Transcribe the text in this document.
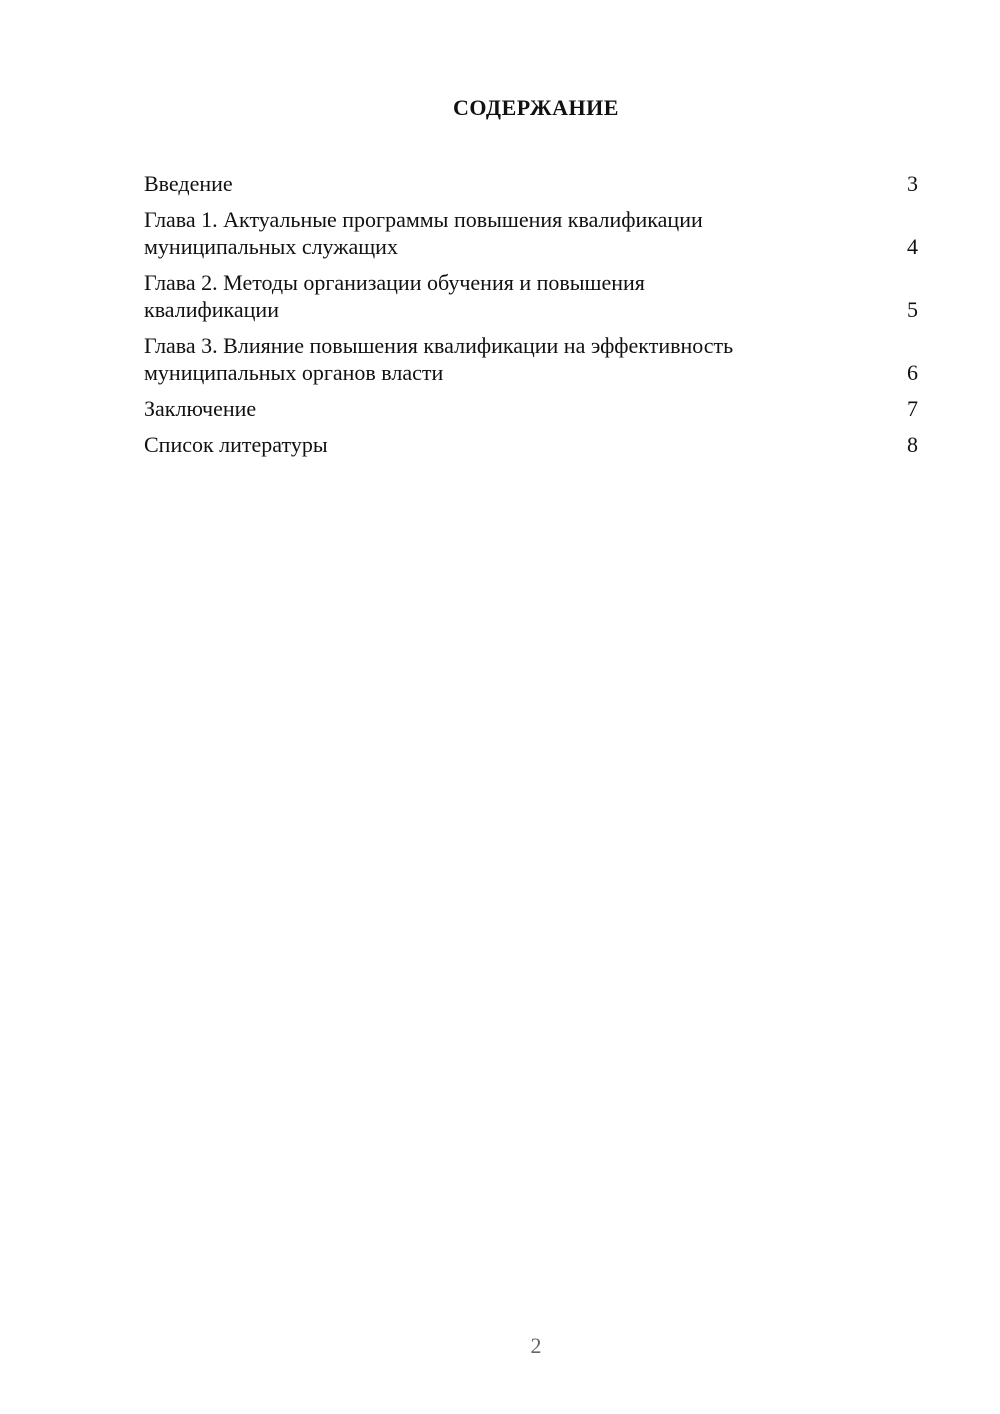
СОДЕРЖАНИЕ
Введение	3
Глава 1. Актуальные программы повышения квалификации
муниципальных служащих	4
Глава 2. Методы организации обучения и повышения
квалификации	5
Глава 3. Влияние повышения квалификации на эффективность
муниципальных органов власти	6
Заключение	7
Список литературы	8
2
